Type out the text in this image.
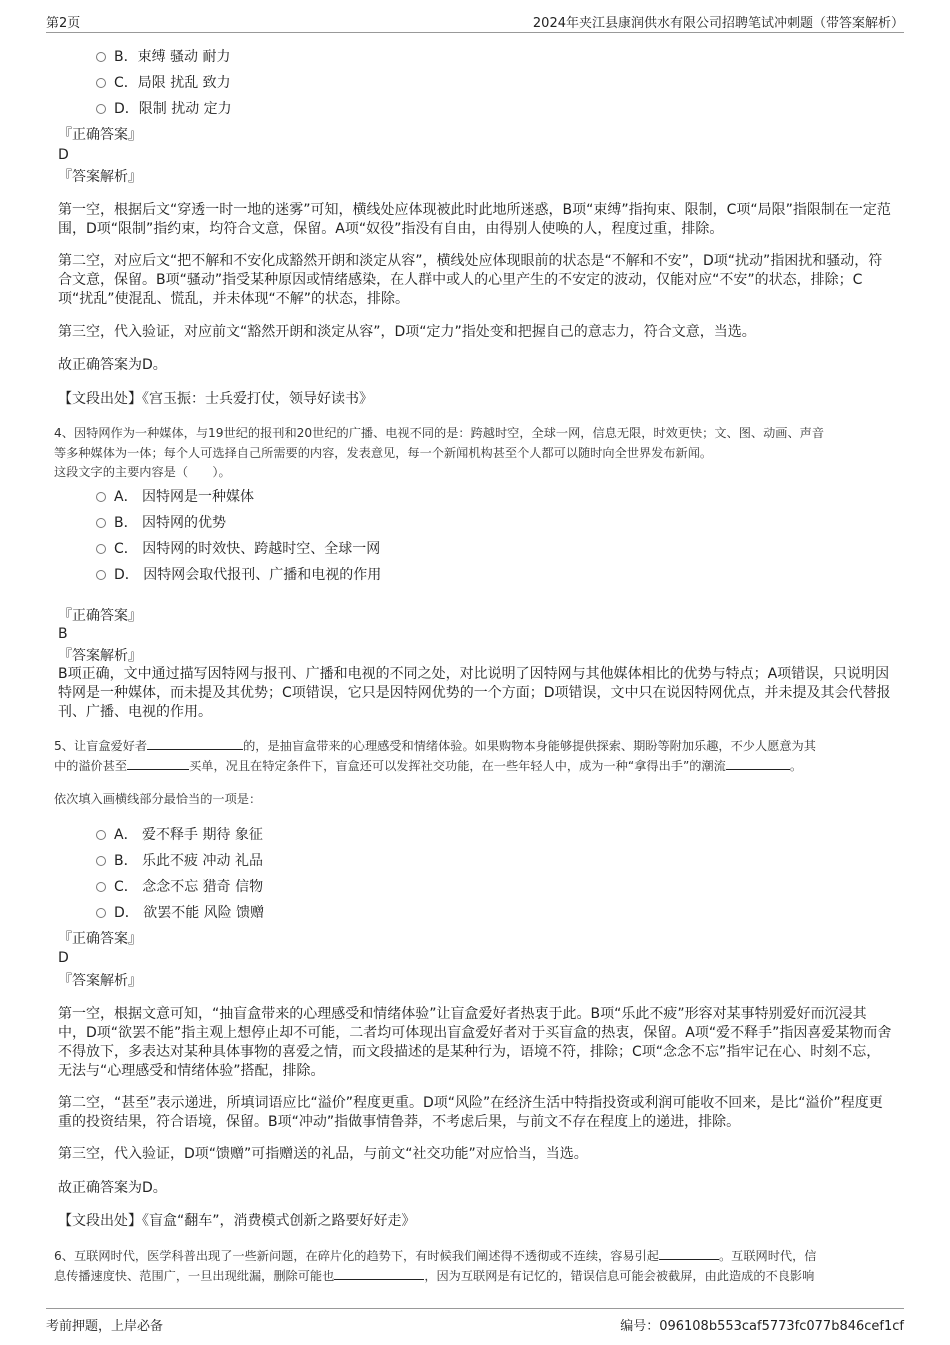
第2页	2024年夹江县康润供水有限公司招聘笔试冲刺题（带答案解析）
B．束缚 骚动 耐力
C．局限 扰乱 致力
D．限制 扰动 定力
『正确答案』
D
『答案解析』
第一空，根据后文“穿透一时一地的迷雾”可知，横线处应体现被此时此地所迷惑，B项“束缚”指拘束、限制，C项“局限”指限制在一定范围，D项“限制”指约束，均符合文意，保留。A项“奴役”指没有自由，由得别人使唤的人，程度过重，排除。
第二空，对应后文“把不解和不安化成豁然开朗和淡定从容”，横线处应体现眼前的状态是“不解和不安”，D项“扰动”指困扰和骚动，符合文意，保留。B项“骚动”指受某种原因或情绪感染，在人群中或人的心里产生的不安定的波动，仅能对应“不安”的状态，排除；C项“扰乱”使混乱、慌乱，并未体现“不解”的状态，排除。
第三空，代入验证，对应前文“豁然开朗和淡定从容”，D项“定力”指处变和把握自己的意志力，符合文意，当选。
故正确答案为D。
【文段出处】《宫玉振：士兵爱打仗，领导好读书》
4、因特网作为一种媒体，与19世纪的报刊和20世纪的广播、电视不同的是：跨越时空，全球一网，信息无限，时效更快；文、图、动画、声音
等多种媒体为一体；每个人可选择自己所需要的内容，发表意见，每一个新闻机构甚至个人都可以随时向全世界发布新闻。
这段文字的主要内容是（　　）。
A． 因特网是一种媒体
B． 因特网的优势
C． 因特网的时效快、跨越时空、全球一网
D． 因特网会取代报刊、广播和电视的作用
『正确答案』
B
『答案解析』
B项正确，文中通过描写因特网与报刊、广播和电视的不同之处，对比说明了因特网与其他媒体相比的优势与特点；A项错误，只说明因特网是一种媒体，而未提及其优势；C项错误，它只是因特网优势的一个方面；D项错误，文中只在说因特网优点，并未提及其会代替报刊、广播、电视的作用。
5、让盲盒爱好者	的，是抽盲盒带来的心理感受和情绪体验。如果购物本身能够提供探索、期盼等附加乐趣，不少人愿意为其
中的溢价甚至	买单，况且在特定条件下，盲盒还可以发挥社交功能，在一些年轻人中，成为一种“拿得出手”的潮流	。
依次填入画横线部分最恰当的一项是：
A． 爱不释手 期待 象征
B． 乐此不疲 冲动 礼品
C． 念念不忘 猎奇 信物
D． 欲罢不能 风险 馈赠
『正确答案』
D
『答案解析』
第一空，根据文意可知，“抽盲盒带来的心理感受和情绪体验”让盲盒爱好者热衷于此。B项“乐此不疲”形容对某事特别爱好而沉浸其中，D项“欲罢不能”指主观上想停止却不可能，二者均可体现出盲盒爱好者对于买盲盒的热衷，保留。A项“爱不释手”指因喜爱某物而舍不得放下，多表达对某种具体事物的喜爱之情，而文段描述的是某种行为，语境不符，排除；C项“念念不忘”指牢记在心、时刻不忘，无法与“心理感受和情绪体验”搭配，排除。
第二空，“甚至”表示递进，所填词语应比“溢价”程度更重。D项“风险”在经济生活中特指投资或利润可能收不回来，是比“溢价”程度更重的投资结果，符合语境，保留。B项“冲动”指做事情鲁莽，不考虑后果，与前文不存在程度上的递进，排除。
第三空，代入验证，D项“馈赠”可指赠送的礼品，与前文“社交功能”对应恰当，当选。
故正确答案为D。
【文段出处】《盲盒“翻车”，消费模式创新之路要好好走》
6、互联网时代，医学科普出现了一些新问题，在碎片化的趋势下，有时候我们阐述得不透彻或不连续，容易引起	。互联网时代，信
息传播速度快、范围广，一旦出现纰漏，删除可能也	，因为互联网是有记忆的，错误信息可能会被截屏，由此造成的不良影响
考前押题，上岸必备	编号：096108b553caf5773fc077b846cef1cf
